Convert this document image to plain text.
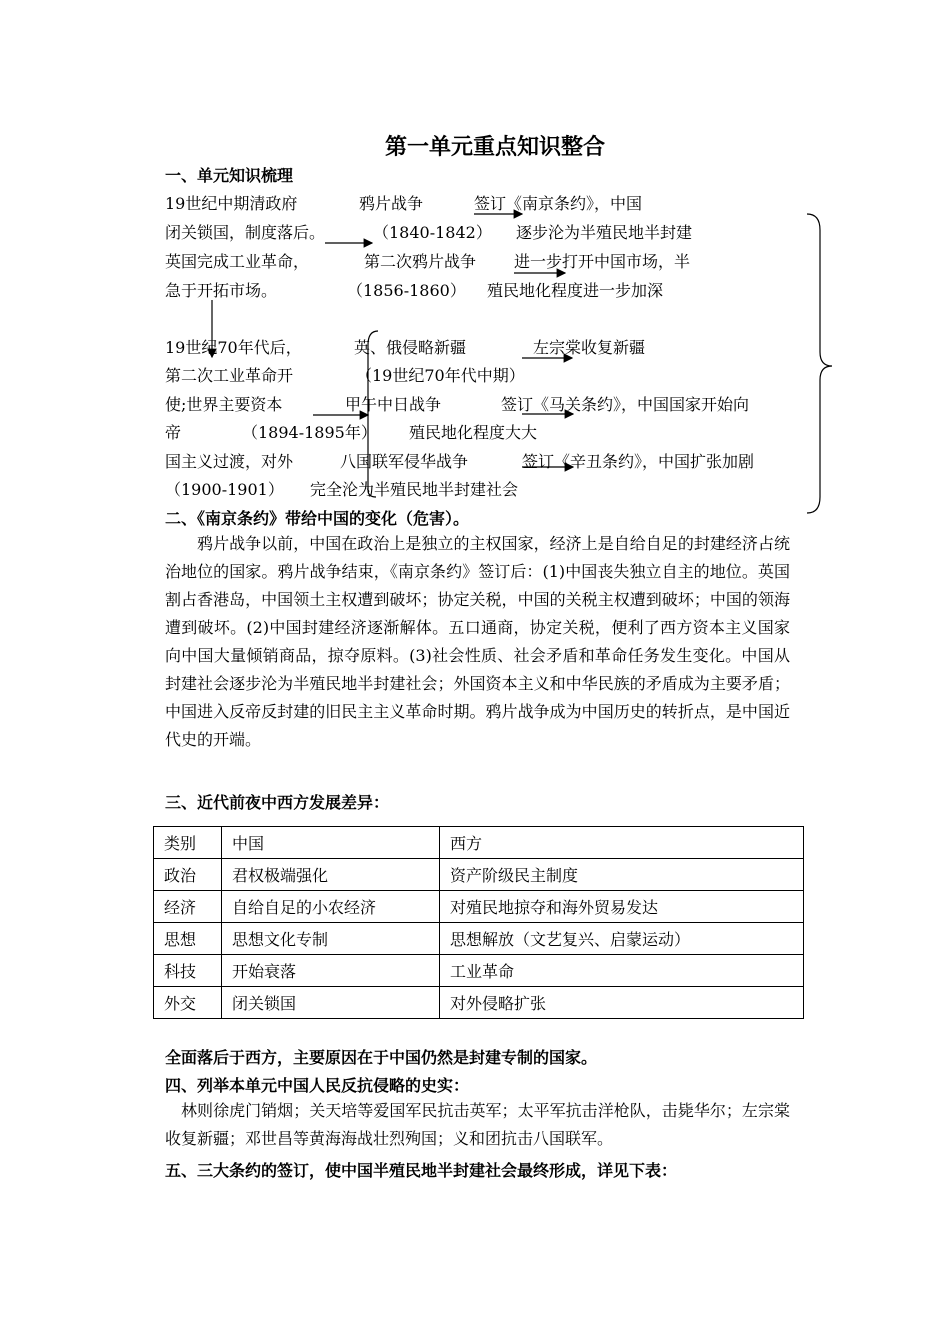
第一单元重点知识整合
一、单元知识梳理
19世纪中期清政府	鸦片战争	签订《南京条约》，中国
闭关锁国，制度落后。	（1840-1842） 逐步沦为半殖民地半封建
英国完成工业革命，	第二次鸦片战争 进一步打开中国市场，半
急于开拓市场。	（1856-1860） 殖民地化程度进一步加深
19世纪70年代后，	英、俄侵略新疆	左宗棠收复新疆
第二次工业革命开	（19世纪70年代中期）
使;世界主要资本	甲午中日战争	签订《马关条约》，中国国家开始向
帝	（1894-1895年） 殖民地化程度大大
国主义过渡，对外	八国联军侵华战争	签订《辛丑条约》，中国扩张加剧
（1900-1901） 完全沦为半殖民地半封建社会
二、《南京条约》带给中国的变化（危害）。
　　鸦片战争以前，中国在政治上是独立的主权国家，经济上是自给自足的封建经济占统治地位的国家。鸦片战争结束，《南京条约》签订后：(1)中国丧失独立自主的地位。英国割占香港岛，中国领土主权遭到破坏；协定关税，中国的关税主权遭到破坏；中国的领海遭到破坏。(2)中国封建经济逐渐解体。五口通商，协定关税，便利了西方资本主义国家向中国大量倾销商品，掠夺原料。(3)社会性质、社会矛盾和革命任务发生变化。中国从封建社会逐步沦为半殖民地半封建社会；外国资本主义和中华民族的矛盾成为主要矛盾；中国进入反帝反封建的旧民主主义革命时期。鸦片战争成为中国历史的转折点，是中国近代史的开端。
三、近代前夜中西方发展差异：
类别	中国	西方
政治	君权极端强化	资产阶级民主制度
经济	自给自足的小农经济	对殖民地掠夺和海外贸易发达
思想	思想文化专制	思想解放（文艺复兴、启蒙运动）
科技	开始衰落	工业革命
外交	闭关锁国	对外侵略扩张
全面落后于西方，主要原因在于中国仍然是封建专制的国家。
四、列举本单元中国人民反抗侵略的史实：
　林则徐虎门销烟；关天培等爱国军民抗击英军；太平军抗击洋枪队，击毙华尔；左宗棠收复新疆；邓世昌等黄海海战壮烈殉国；义和团抗击八国联军。
五、三大条约的签订，使中国半殖民地半封建社会最终形成，详见下表：
